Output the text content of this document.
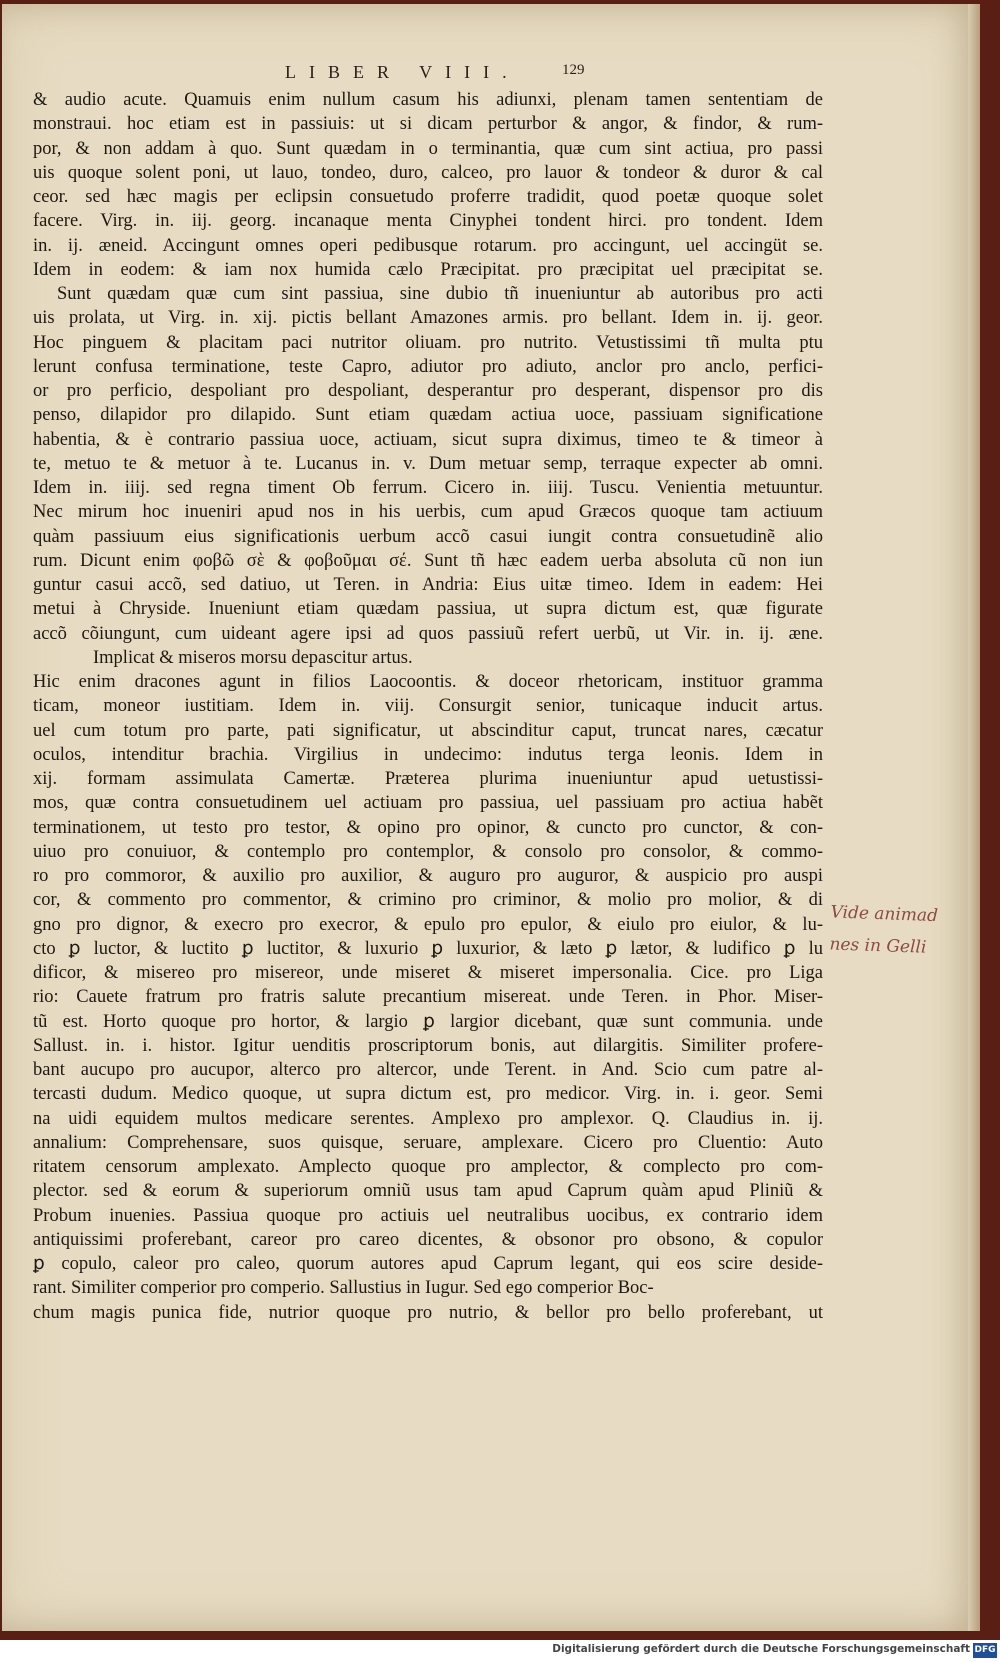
LIBER VIII.	129
& audio acute. Quamuis enim nullum casum his adiunxi, plenam tamen sententiam de
monstraui. hoc etiam est in passiuis: ut si dicam perturbor & angor, & findor, & rum-
por, & non addam à quo. Sunt quædam in o terminantia, quæ cum sint actiua, pro passi
uis quoque solent poni, ut lauo, tondeo, duro, calceo, pro lauor & tondeor & duror & cal
ceor. sed hæc magis per eclipsin consuetudo proferre tradidit, quod poetæ quoque solet
facere. Virg. in. iij. georg. incanaque menta Cinyphei tondent hirci. pro tondent. Idem
in. ij. æneid. Accingunt omnes operi pedibusque rotarum. pro accingunt, uel accingüt se.
Idem in eodem: & iam nox humida cælo Præcipitat. pro præcipitat uel præcipitat se.
Sunt quædam quæ cum sint passiua, sine dubio tñ inueniuntur ab autoribus pro acti
uis prolata, ut Virg. in. xij. pictis bellant Amazones armis. pro bellant. Idem in. ij. geor.
Hoc pinguem & placitam paci nutritor oliuam. pro nutrito. Vetustissimi tñ multa ptu
lerunt confusa terminatione, teste Capro, adiutor pro adiuto, anclor pro anclo, perfici-
or pro perficio, despoliant pro despoliant, desperantur pro desperant, dispensor pro dis
penso, dilapidor pro dilapido. Sunt etiam quædam actiua uoce, passiuam significatione
habentia, & è contrario passiua uoce, actiuam, sicut supra diximus, timeo te & timeor à
te, metuo te & metuor à te. Lucanus in. v. Dum metuar semp, terraque expecter ab omni.
Idem in. iiij. sed regna timent Ob ferrum. Cicero in. iiij. Tuscu. Venientia metuuntur.
Nec mirum hoc inueniri apud nos in his uerbis, cum apud Græcos quoque tam actiuum
quàm passiuum eius significationis uerbum accõ casui iungit contra consuetudinẽ alio
rum. Dicunt enim φοβῶ σὲ & φοβοῦμαι σέ. Sunt tñ hæc eadem uerba absoluta cũ non iun
guntur casui accõ, sed datiuo, ut Teren. in Andria: Eius uitæ timeo. Idem in eadem: Hei
metui à Chryside. Inueniunt etiam quædam passiua, ut supra dictum est, quæ figurate
accõ cõiungunt, cum uideant agere ipsi ad quos passiuũ refert uerbũ, ut Vir. in. ij. æne.
Implicat & miseros morsu depascitur artus.
Hic enim dracones agunt in filios Laocoontis. & doceor rhetoricam, instituor gramma
ticam, moneor iustitiam. Idem in. viij. Consurgit senior, tunicaque inducit artus.
uel cum totum pro parte, pati significatur, ut abscinditur caput, truncat nares, cæcatur
oculos, intenditur brachia. Virgilius in undecimo: indutus terga leonis. Idem in
xij. formam assimulata Camertæ. Præterea plurima inueniuntur apud uetustissi-
mos, quæ contra consuetudinem uel actiuam pro passiua, uel passiuam pro actiua habẽt
terminationem, ut testo pro testor, & opino pro opinor, & cuncto pro cunctor, & con-
uiuo pro conuiuor, & contemplo pro contemplor, & consolo pro consolor, & commo-
ro pro commoror, & auxilio pro auxilior, & auguro pro auguror, & auspicio pro auspi
cor, & commento pro commentor, & crimino pro criminor, & molio pro molior, & di
gno pro dignor, & execro pro execror, & epulo pro epulor, & eiulo pro eiulor, & lu-
cto ꝑ luctor, & luctito ꝑ luctitor, & luxurio ꝑ luxurior, & læto ꝑ lætor, & ludifico ꝑ lu
dificor, & misereo pro misereor, unde miseret & miseret impersonalia. Cice. pro Liga
rio: Cauete fratrum pro fratris salute precantium misereat. unde Teren. in Phor. Miser-
tũ est. Horto quoque pro hortor, & largio ꝑ largior dicebant, quæ sunt communia. unde
Sallust. in. i. histor. Igitur uenditis proscriptorum bonis, aut dilargitis. Similiter profere-
bant aucupo pro aucupor, alterco pro altercor, unde Terent. in And. Scio cum patre al-
tercasti dudum. Medico quoque, ut supra dictum est, pro medicor. Virg. in. i. geor. Semi
na uidi equidem multos medicare serentes. Amplexo pro amplexor. Q. Claudius in. ij.
annalium: Comprehensare, suos quisque, seruare, amplexare. Cicero pro Cluentio: Auto
ritatem censorum amplexato. Amplecto quoque pro amplector, & complecto pro com-
plector. sed & eorum & superiorum omniũ usus tam apud Caprum quàm apud Pliniũ &
Probum inuenies. Passiua quoque pro actiuis uel neutralibus uocibus, ex contrario idem
antiquissimi proferebant, careor pro careo dicentes, & obsonor pro obsono, & copulor
ꝑ copulo, caleor pro caleo, quorum autores apud Caprum legant, qui eos scire deside-
rant. Similiter comperior pro comperio. Sallustius in Iugur. Sed ego comperior Boc-
chum magis punica fide, nutrior quoque pro nutrio, & bellor pro bello proferebant, ut
Vide animad
nes in Gelli
Digitalisierung gefördert durch die Deutsche Forschungsgemeinschaft DFG
